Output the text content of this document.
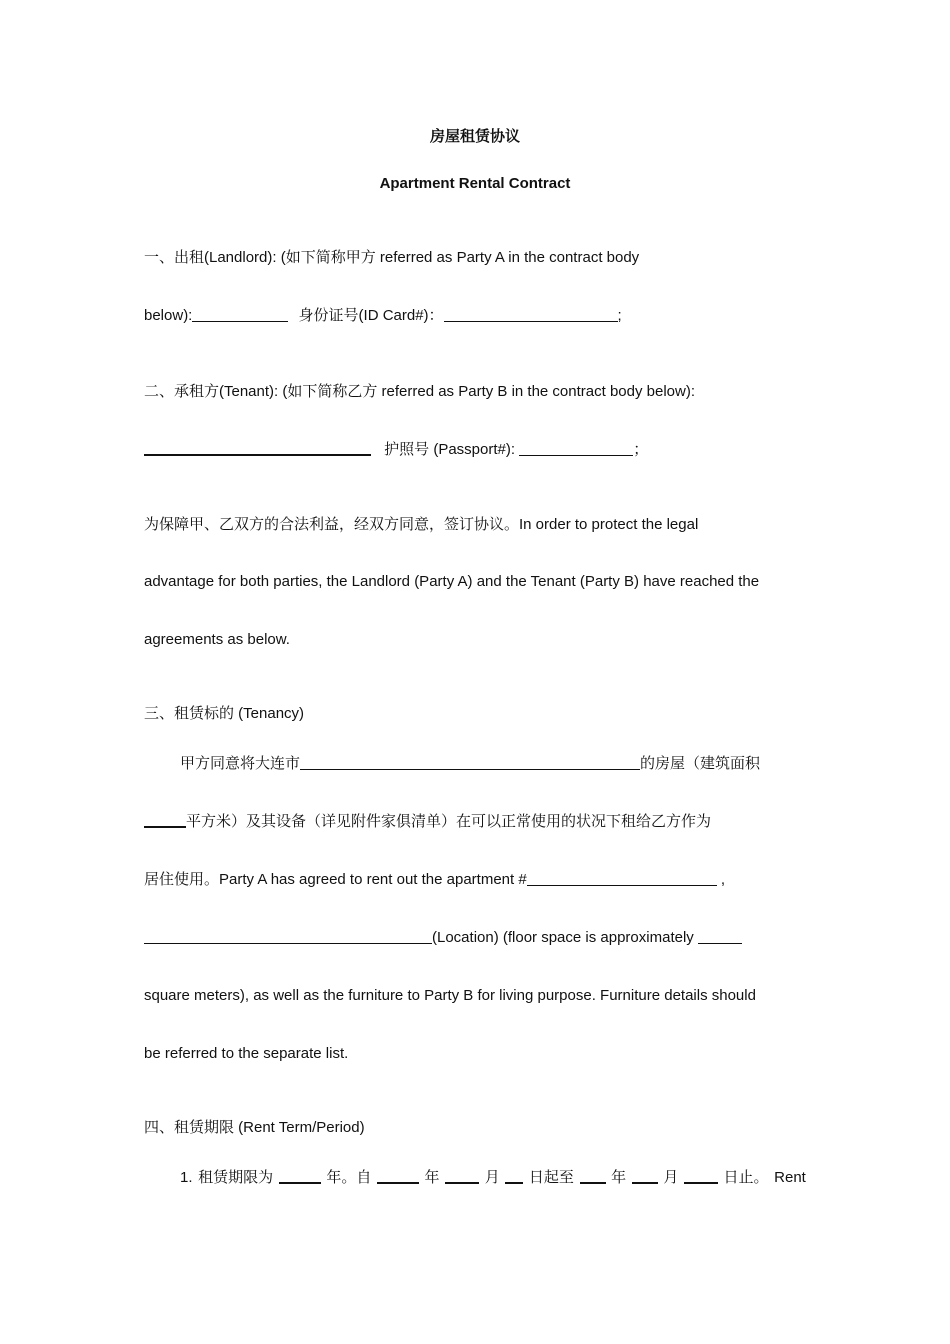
房屋租赁协议
Apartment Rental Contract
一、出租(Landlord): (如下简称甲方 referred as Party A in the contract body
below):	身份证号(ID Card#)：	;
二、承租方(Tenant): (如下简称乙方 referred as Party B in the contract body below):
护照号 (Passport#):	；
为保障甲、乙双方的合法利益，经双方同意，签订协议。In order to protect the legal
advantage for both parties, the Landlord (Party A) and the Tenant (Party B) have reached the
agreements as below.
三、租赁标的 (Tenancy)
甲方同意将大连市	的房屋（建筑面积
平方米）及其设备（详见附件家俱清单）在可以正常使用的状况下租给乙方作为
居住使用。Party A has agreed to rent out the apartment #	,
(Location) (floor space is approximately
square meters), as well as the furniture to Party B for living purpose. Furniture details should
be referred to the separate list.
四、租赁期限 (Rent Term/Period)
1. 租赁期限为	年。自	年	月 日起至 年 月	日止。 Rent
